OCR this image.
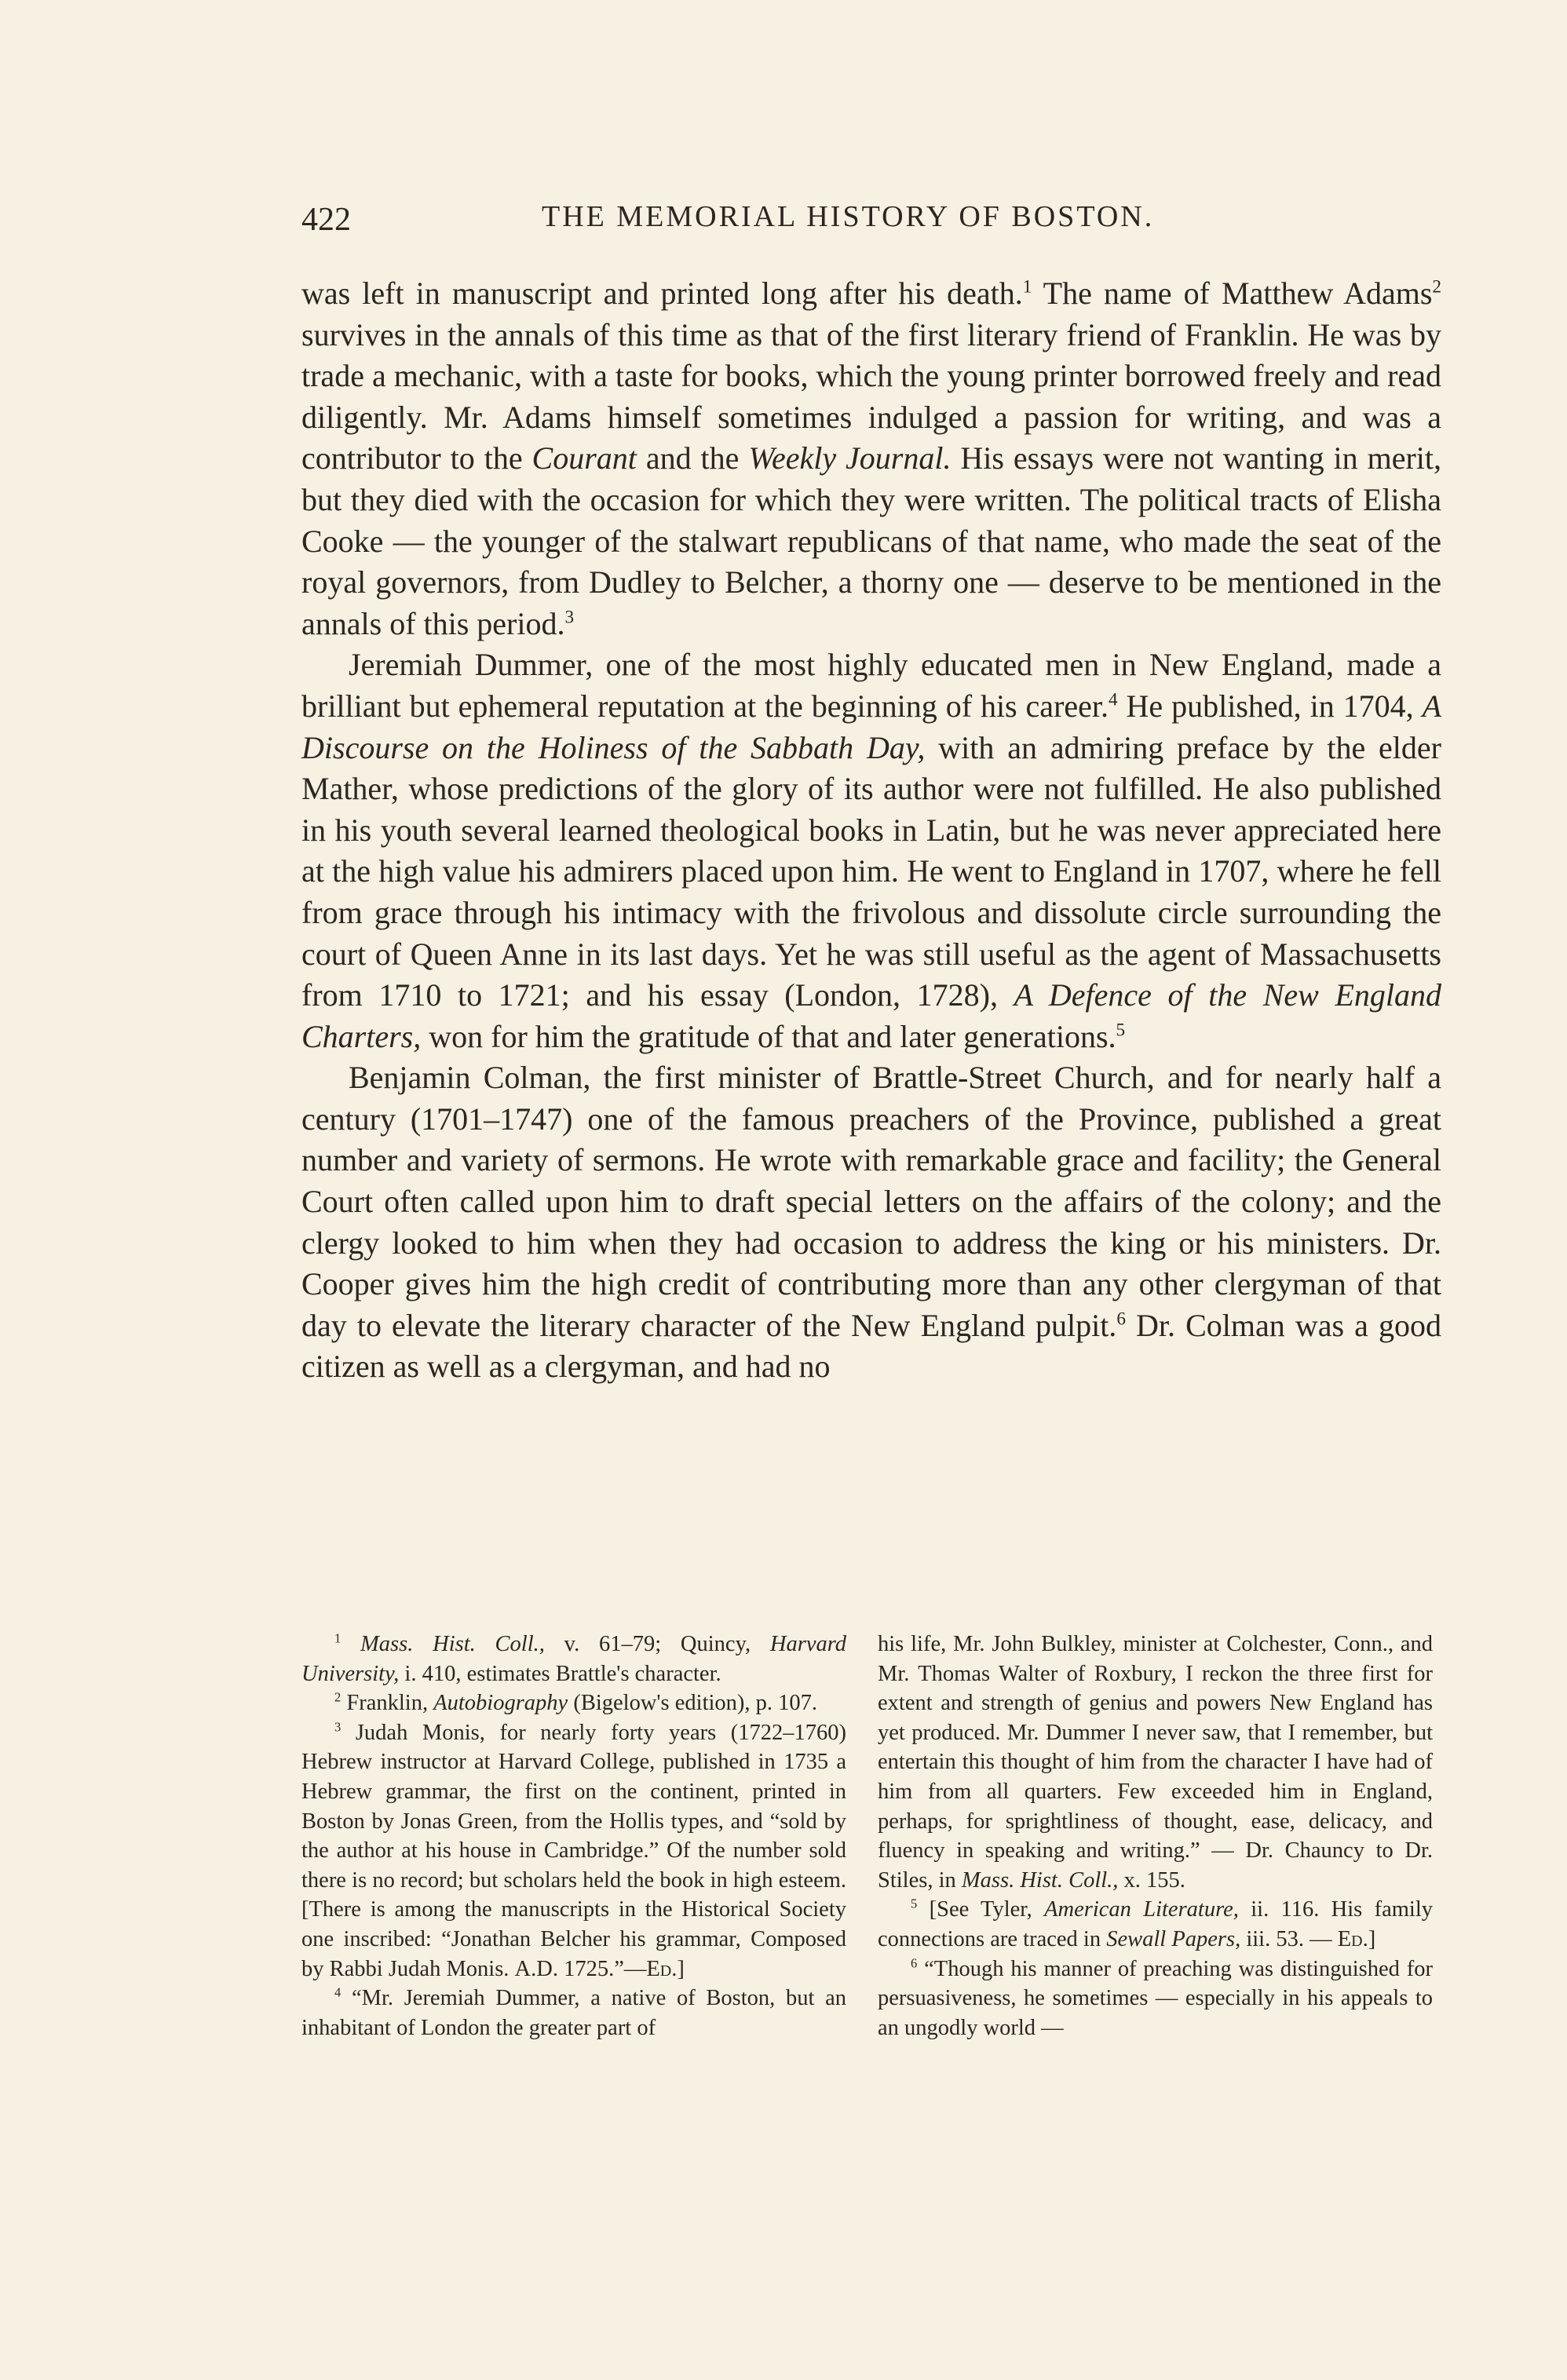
422	THE MEMORIAL HISTORY OF BOSTON.

was left in manuscript and printed long after his death.$^1$ The name of Matthew Adams$^2$ survives in the annals of this time as that of the first literary friend of Franklin. He was by trade a mechanic, with a taste for books, which the young printer borrowed freely and read diligently. Mr. Adams himself sometimes indulged a passion for writing, and was a contributor to the Courant and the Weekly Journal. His essays were not wanting in merit, but they died with the occasion for which they were written. The political tracts of Elisha Cooke — the younger of the stalwart republicans of that name, who made the seat of the royal governors, from Dudley to Belcher, a thorny one — deserve to be mentioned in the annals of this period.$^3$

Jeremiah Dummer, one of the most highly educated men in New England, made a brilliant but ephemeral reputation at the beginning of his career.$^4$ He published, in 1704, A Discourse on the Holiness of the Sabbath Day, with an admiring preface by the elder Mather, whose predictions of the glory of its author were not fulfilled. He also published in his youth several learned theological books in Latin, but he was never appreciated here at the high value his admirers placed upon him. He went to England in 1707, where he fell from grace through his intimacy with the frivolous and dissolute circle surrounding the court of Queen Anne in its last days. Yet he was still useful as the agent of Massachusetts from 1710 to 1721; and his essay (London, 1728), A Defence of the New England Charters, won for him the gratitude of that and later generations.$^5$

Benjamin Colman, the first minister of Brattle-Street Church, and for nearly half a century (1701–1747) one of the famous preachers of the Province, published a great number and variety of sermons. He wrote with remarkable grace and facility; the General Court often called upon him to draft special letters on the affairs of the colony; and the clergy looked to him when they had occasion to address the king or his ministers. Dr. Cooper gives him the high credit of contributing more than any other clergyman of that day to elevate the literary character of the New England pulpit.$^6$ Dr. Colman was a good citizen as well as a clergyman, and had no

$^1$ Mass. Hist. Coll., v. 61–79; Quincy, Harvard University, i. 410, estimates Brattle's character.

$^2$ Franklin, Autobiography (Bigelow's edition), p. 107.

$^3$ Judah Monis, for nearly forty years (1722–1760) Hebrew instructor at Harvard College, published in 1735 a Hebrew grammar, the first on the continent, printed in Boston by Jonas Green, from the Hollis types, and “sold by the author at his house in Cambridge.” Of the number sold there is no record; but scholars held the book in high esteem. [There is among the manuscripts in the Historical Society one inscribed: “Jonathan Belcher his grammar, Composed by Rabbi Judah Monis. A.D. 1725.”—Ed.]

$^4$ “Mr. Jeremiah Dummer, a native of Boston, but an inhabitant of London the greater part of

his life, Mr. John Bulkley, minister at Colchester, Conn., and Mr. Thomas Walter of Roxbury, I reckon the three first for extent and strength of genius and powers New England has yet produced. Mr. Dummer I never saw, that I remember, but entertain this thought of him from the character I have had of him from all quarters. Few exceeded him in England, perhaps, for sprightliness of thought, ease, delicacy, and fluency in speaking and writing.” — Dr. Chauncy to Dr. Stiles, in Mass. Hist. Coll., x. 155.

$^5$ [See Tyler, American Literature, ii. 116. His family connections are traced in Sewall Papers, iii. 53. — Ed.]

$^6$ “Though his manner of preaching was distinguished for persuasiveness, he sometimes — especially in his appeals to an ungodly world —
